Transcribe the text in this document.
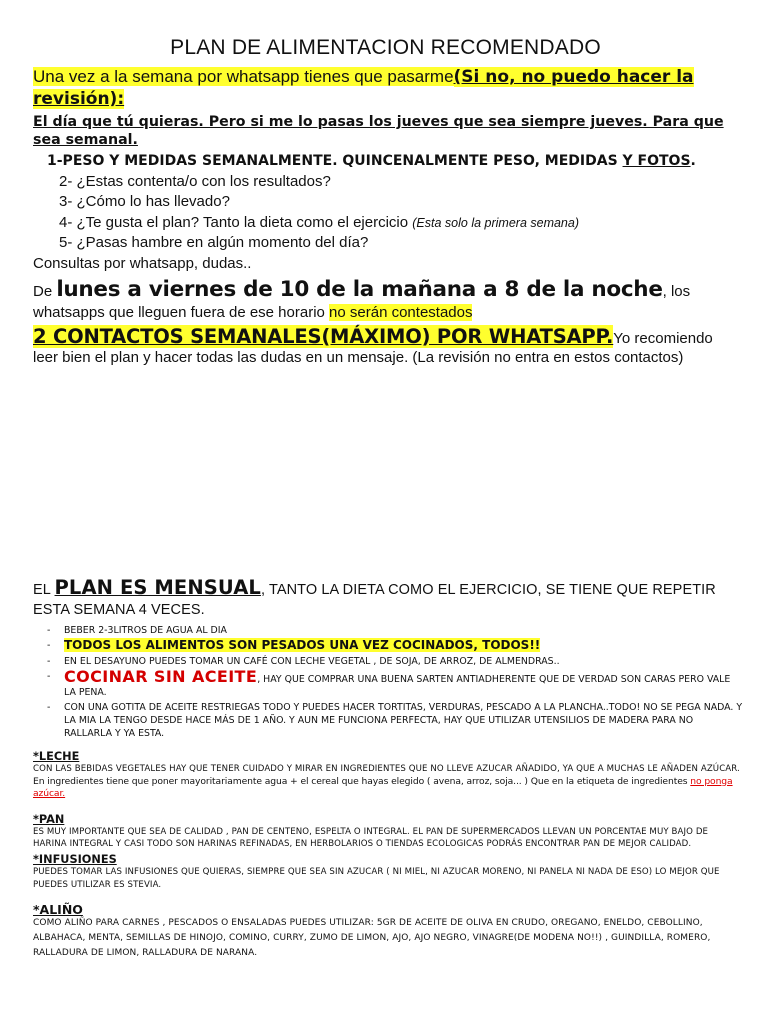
PLAN DE ALIMENTACION RECOMENDADO
Una vez a la semana por whatsapp tienes que pasarme(Si no, no puedo hacer la revisión):
El día que tú quieras. Pero si me lo pasas los jueves que sea siempre jueves. Para que sea semanal.
1-PESO Y MEDIDAS SEMANALMENTE. QUINCENALMENTE PESO, MEDIDAS Y FOTOS.
2- ¿Estas contenta/o con los resultados?
3- ¿Cómo lo has llevado?
4- ¿Te gusta el plan? Tanto la dieta como el ejercicio (Esta solo la primera semana)
5- ¿Pasas hambre en algún momento del día?
Consultas por whatsapp, dudas..
De lunes a viernes de 10 de la mañana a 8 de la noche, los whatsapps que lleguen fuera de ese horario no serán contestados
2 CONTACTOS SEMANALES(MÁXIMO) POR WHATSAPP.Yo recomiendo leer bien el plan y hacer todas las dudas en un mensaje. (La revisión no entra en estos contactos)
EL PLAN ES MENSUAL, TANTO LA DIETA COMO EL EJERCICIO, SE TIENE QUE REPETIR ESTA SEMANA 4 VECES.
- BEBER 2-3LITROS DE AGUA AL DIA
- TODOS LOS ALIMENTOS SON PESADOS UNA VEZ COCINADOS, TODOS!!
- EN EL DESAYUNO PUEDES TOMAR UN CAFÉ CON LECHE VEGETAL , DE SOJA, DE ARROZ, DE ALMENDRAS..
- COCINAR SIN ACEITE, HAY QUE COMPRAR UNA BUENA SARTEN ANTIADHERENTE QUE DE VERDAD SON CARAS PERO VALE LA PENA.
- CON UNA GOTITA DE ACEITE RESTRIEGAS TODO Y PUEDES HACER TORTITAS, VERDURAS, PESCADO A LA PLANCHA..TODO! NO SE PEGA NADA. Y LA MIA LA TENGO DESDE HACE MÁS DE 1 AÑO. Y AUN ME FUNCIONA PERFECTA, HAY QUE UTILIZAR UTENSILIOS DE MADERA PARA NO RALLARLA Y YA ESTA.
*LECHE
CON LAS BEBIDAS VEGETALES HAY QUE TENER CUIDADO Y MIRAR EN INGREDIENTES QUE NO LLEVE AZUCAR AÑADIDO, YA QUE A MUCHAS LE AÑADEN AZÚCAR.
En ingredientes tiene que poner mayoritariamente agua + el cereal que hayas elegido ( avena, arroz, soja... ) Que en la etiqueta de ingredientes no ponga azúcar.
*PAN
ES MUY IMPORTANTE QUE SEA DE CALIDAD , PAN DE CENTENO, ESPELTA O INTEGRAL. EL PAN DE SUPERMERCADOS LLEVAN UN PORCENTAE MUY BAJO DE HARINA INTEGRAL Y CASI TODO SON HARINAS REFINADAS, EN HERBOLARIOS O TIENDAS ECOLOGICAS PODRÁS ENCONTRAR PAN DE MEJOR CALIDAD.
*INFUSIONES
PUEDES TOMAR LAS INFUSIONES QUE QUIERAS, SIEMPRE QUE SEA SIN AZUCAR ( NI MIEL, NI AZUCAR MORENO, NI PANELA NI NADA DE ESO) LO MEJOR QUE PUEDES UTILIZAR ES STEVIA.
*ALIÑO
COMO ALIÑO PARA CARNES , PESCADOS O ENSALADAS PUEDES UTILIZAR: 5GR DE ACEITE DE OLIVA EN CRUDO, OREGANO, ENELDO, CEBOLLINO, ALBAHACA, MENTA, SEMILLAS DE HINOJO, COMINO, CURRY, ZUMO DE LIMON, AJO, AJO NEGRO, VINAGRE(DE MODENA NO!!) , GUINDILLA, ROMERO, RALLADURA DE LIMON, RALLADURA DE NARANA.
